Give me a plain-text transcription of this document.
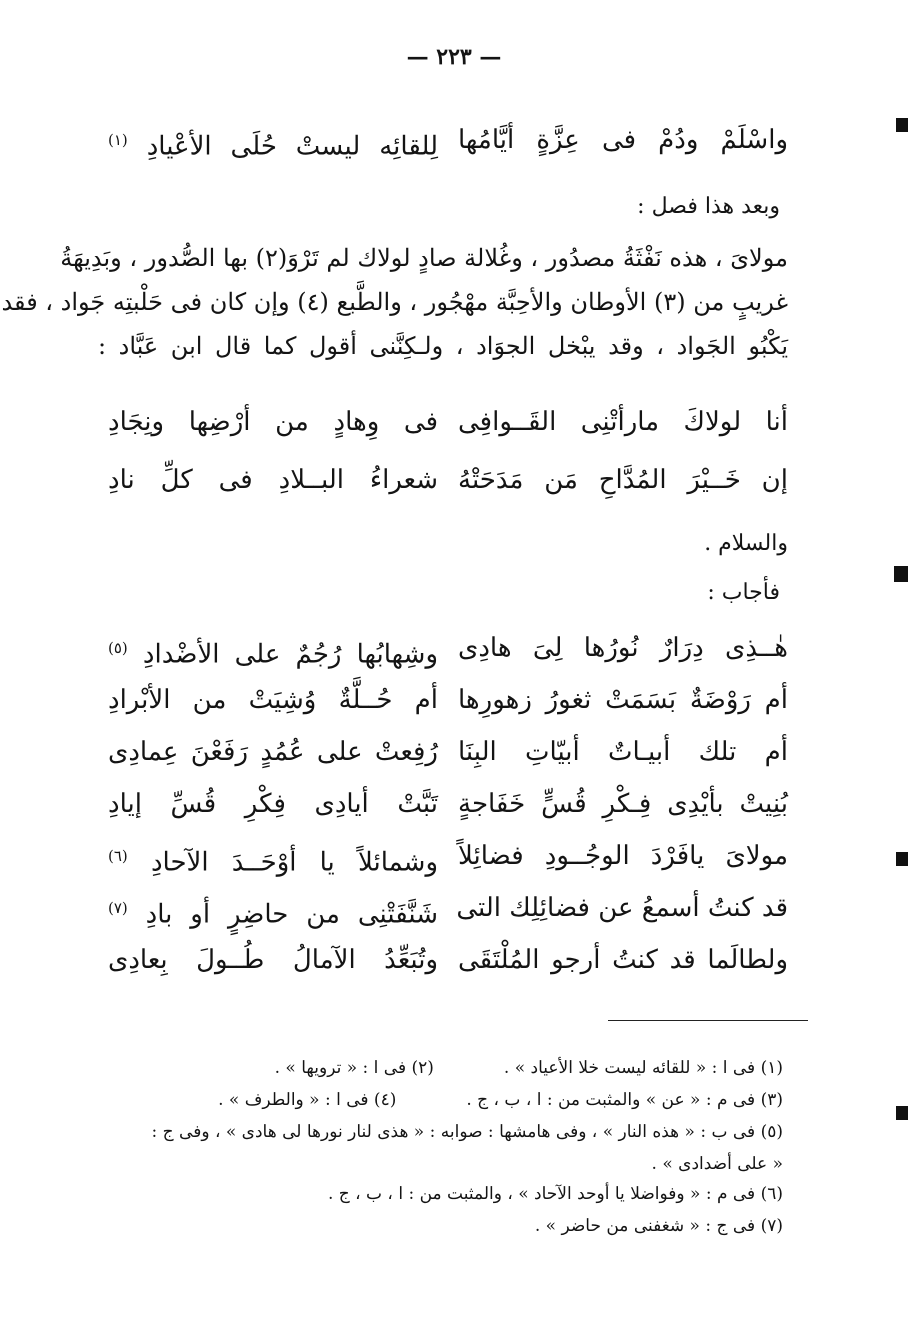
— ٢٢٣ —
واسْلَمْ ودُمْ فى عِزَّةٍ أيَّامُها
لِلقائِه ليستْ حُلَى الأعْيادِ $^{(١)}$
وبعد هذا فصل :
مولاىَ ، هذه نَفْثَةُ مصدُور ، وغُلالة صادٍ لولاك لم تَرْوَ(٢) بها الصُّدور ، وبَدِيهَةُ
غريبٍ من (٣) الأوطان والأحِبَّة مهْجُور ، والطَّبع (٤) وإن كان فى حَلْبتِه جَواد ، فقد
يَكْبُو الجَواد ، وقد يبْخل الجوَاد ، ولـكِنَّنى أقول كما قال ابن عَبَّاد :
أنا لولاكَ مارأتْنِى القَــوافِى
فى وِهادٍ من أرْضِها ونِجَادِ
إن خَــيْرَ المُدَّاحِ مَن مَدَحَتْهُ
شعراءُ البــلادِ فى كلِّ نادِ
والسلام .
فأجاب :
هٰــذِى دِرَارٌ نُورُها لِىَ هادِى
وشِهابُها رُجُمٌ على الأضْدادِ $^{(٥)}$
أم رَوْضَةٌ بَسَمَتْ ثغورُ زهورِها
أم حُــلَّةٌ وُشِيَتْ من الأبْرادِ
أم تلك أبيـاتٌ أبيّاتِ البِنَا
رُفِعتْ على عُمُدٍ رَفَعْنَ عِمادِى
بُنِيتْ بأيْدِى فِـكْرِ قُسٍّ خَفَاجةٍ
تَبَّتْ أيادِى فِكْرِ قُسِّ إيادِ
مولاىَ يافَرْدَ الوجُــودِ فضائِلاً
وشمائلاً يا أوْحَــدَ الآحادِ $^{(٦)}$
قد كنتُ أسمعُ عن فضائِلِك التى
شَنَّفَتْنِى من حاضِرٍ أو بادِ $^{(٧)}$
ولطالَما قد كنتُ أرجو المُلْتَقَى
وتُبَعِّدُ الآمالُ طُــولَ بِعادِى
(١) فى ا : « للقائه ليست خلا الأعياد » .(٢) فى ا : « ترويها » .
(٣) فى م : « عن » والمثبت من : ا ، ب ، ج .(٤) فى ا : « والطرف » .
(٥) فى ب : « هذه النار » ، وفى هامشها : صوابه : « هذى لنار نورها لى هادى » ، وفى ج :
« على أضدادى » .
(٦) فى م : « وفواضلا يا أوحد الآحاد » ، والمثبت من : ا ، ب ، ج .
(٧) فى ج : « شغفنى من حاضر » .
